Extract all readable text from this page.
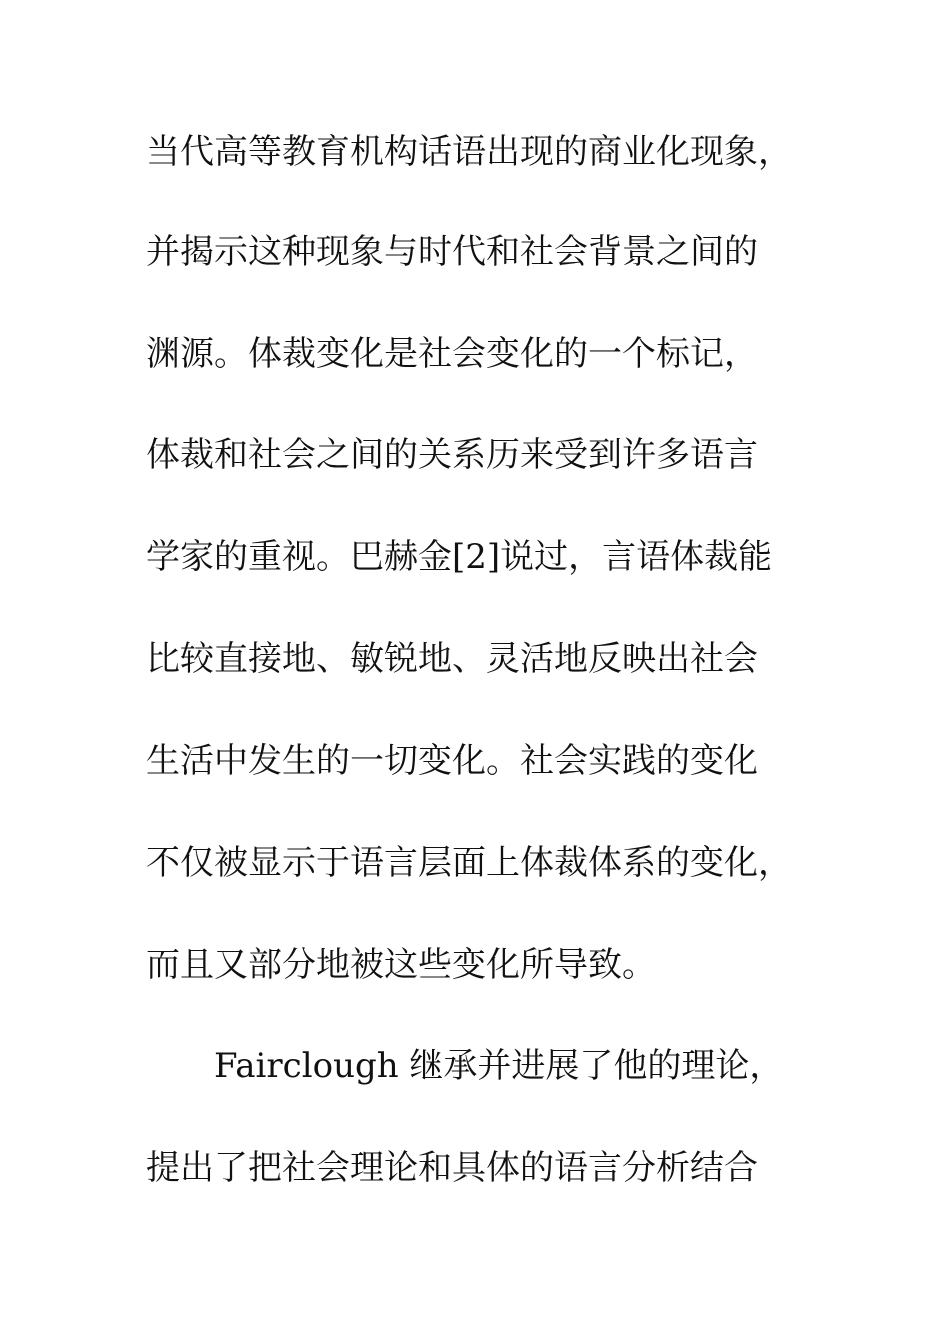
当代高等教育机构话语出现的商业化现象，
并揭示这种现象与时代和社会背景之间的
渊源。体裁变化是社会变化的一个标记，
体裁和社会之间的关系历来受到许多语言
学家的重视。巴赫金[2]说过，言语体裁能
比较直接地、敏锐地、灵活地反映出社会
生活中发生的一切变化。社会实践的变化
不仅被显示于语言层面上体裁体系的变化，
而且又部分地被这些变化所导致。
Fairclough 继承并进展了他的理论，
提出了把社会理论和具体的语言分析结合
